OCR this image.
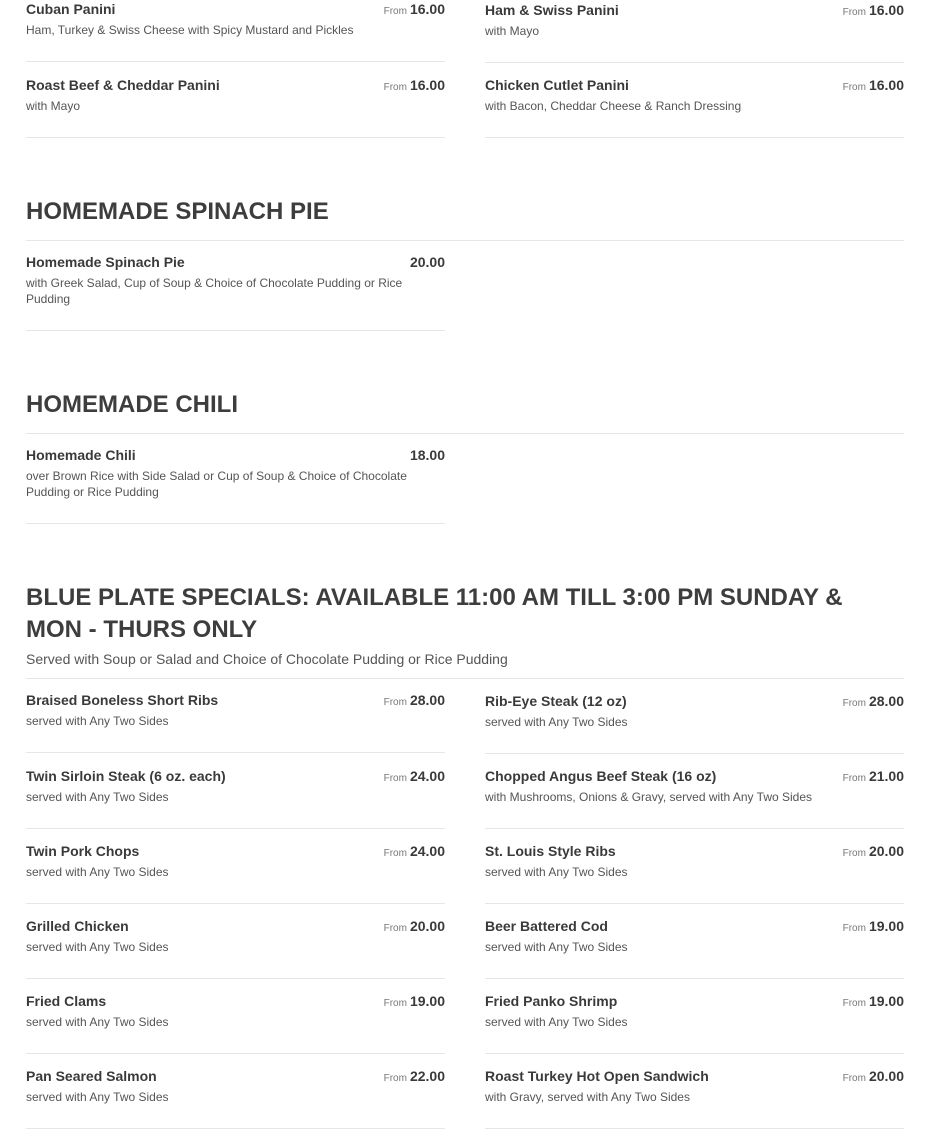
Cuban Panini	From 16.00
Ham, Turkey & Swiss Cheese with Spicy Mustard and Pickles
Ham & Swiss Panini	From 16.00
with Mayo
Roast Beef & Cheddar Panini	From 16.00
with Mayo
Chicken Cutlet Panini	From 16.00
with Bacon, Cheddar Cheese & Ranch Dressing
HOMEMADE SPINACH PIE
Homemade Spinach Pie	20.00
with Greek Salad, Cup of Soup & Choice of Chocolate Pudding or Rice Pudding
HOMEMADE CHILI
Homemade Chili	18.00
over Brown Rice with Side Salad or Cup of Soup & Choice of Chocolate Pudding or Rice Pudding
BLUE PLATE SPECIALS: AVAILABLE 11:00 AM TILL 3:00 PM SUNDAY & MON - THURS ONLY
Served with Soup or Salad and Choice of Chocolate Pudding or Rice Pudding
Braised Boneless Short Ribs	From 28.00
served with Any Two Sides
Rib-Eye Steak (12 oz)	From 28.00
served with Any Two Sides
Twin Sirloin Steak (6 oz. each)	From 24.00
served with Any Two Sides
Chopped Angus Beef Steak (16 oz)	From 21.00
with Mushrooms, Onions & Gravy, served with Any Two Sides
Twin Pork Chops	From 24.00
served with Any Two Sides
St. Louis Style Ribs	From 20.00
served with Any Two Sides
Grilled Chicken	From 20.00
served with Any Two Sides
Beer Battered Cod	From 19.00
served with Any Two Sides
Fried Clams	From 19.00
served with Any Two Sides
Fried Panko Shrimp	From 19.00
served with Any Two Sides
Pan Seared Salmon	From 22.00
served with Any Two Sides
Roast Turkey Hot Open Sandwich	From 20.00
with Gravy, served with Any Two Sides
